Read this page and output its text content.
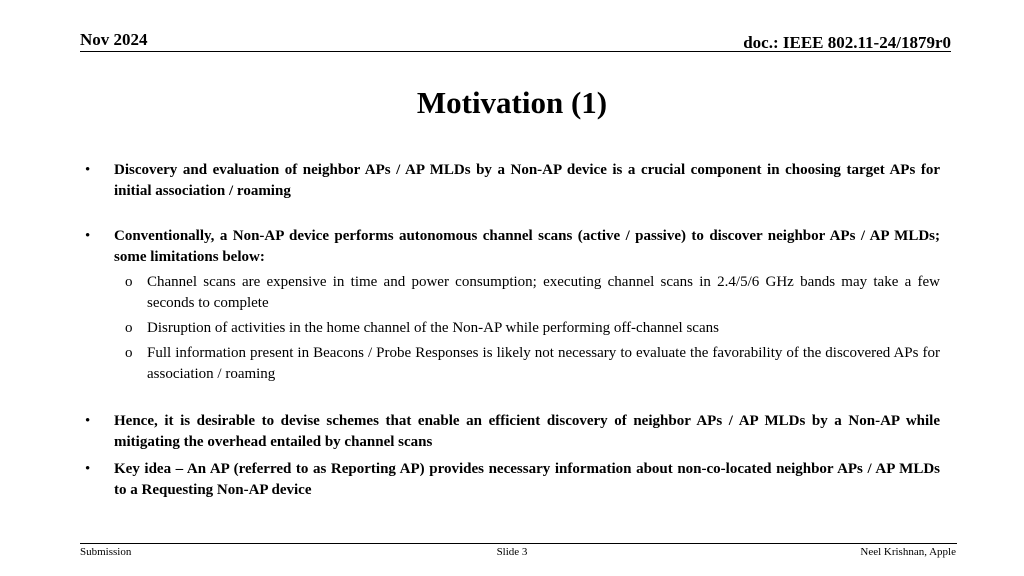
Nov 2024	doc.: IEEE 802.11-24/1879r0
Motivation (1)
• Discovery and evaluation of neighbor APs / AP MLDs by a Non-AP device is a crucial component in choosing target APs for initial association / roaming
• Conventionally, a Non-AP device performs autonomous channel scans (active / passive) to discover neighbor APs / AP MLDs; some limitations below:
o Channel scans are expensive in time and power consumption; executing channel scans in 2.4/5/6 GHz bands may take a few seconds to complete
o Disruption of activities in the home channel of the Non-AP while performing off-channel scans
o Full information present in Beacons / Probe Responses is likely not necessary to evaluate the favorability of the discovered APs for association / roaming
• Hence, it is desirable to devise schemes that enable an efficient discovery of neighbor APs / AP MLDs by a Non-AP while mitigating the overhead entailed by channel scans
• Key idea – An AP (referred to as Reporting AP) provides necessary information about non-co-located neighbor APs / AP MLDs to a Requesting Non-AP device
Submission	Slide 3	Neel Krishnan, Apple
